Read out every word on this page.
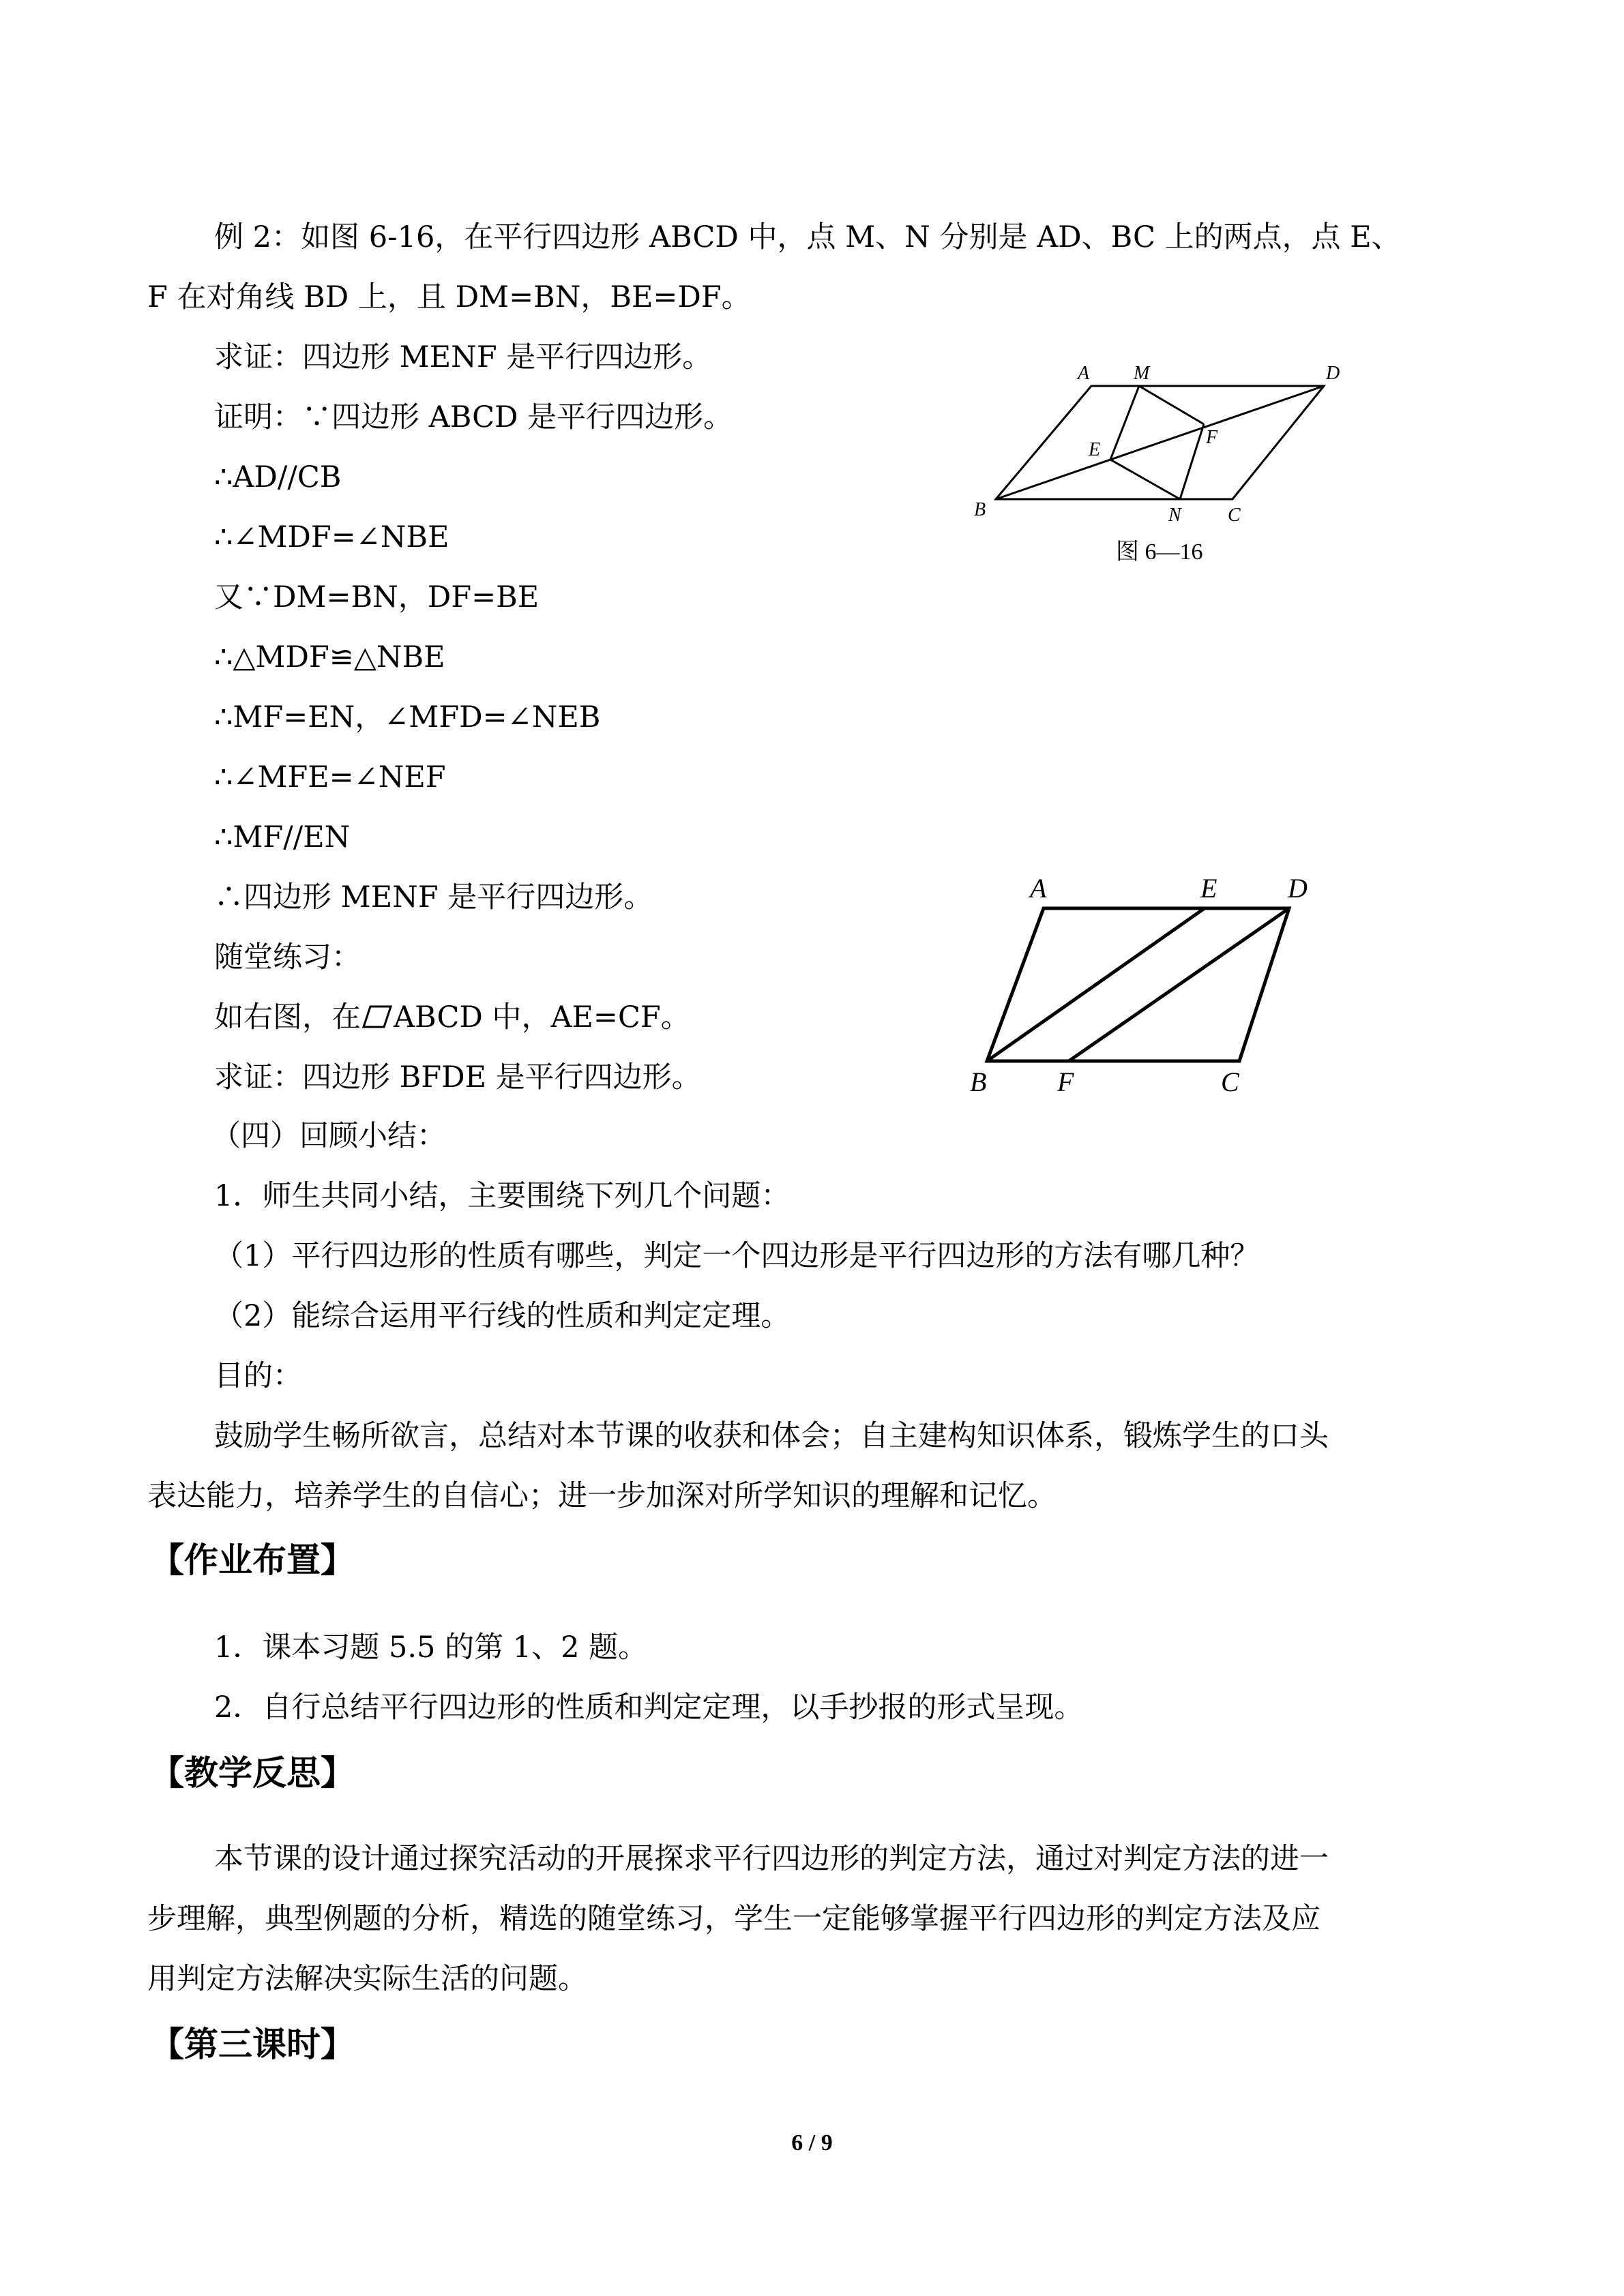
例 2：如图 6-16，在平行四边形 ABCD 中，点 M、N 分别是 AD、BC 上的两点，点 E、
F 在对角线 BD 上，且 DM=BN，BE=DF。
求证：四边形 MENF 是平行四边形。
证明：∵四边形 ABCD 是平行四边形。
∴AD//CB
∴∠MDF=∠NBE
又∵DM=BN，DF=BE
∴△MDF≌△NBE
∴MF=EN，∠MFD=∠NEB
∴∠MFE=∠NEF
∴MF//EN
∴四边形 MENF 是平行四边形。
A M	D
F
E
B	N C
图 6—16
随堂练习：
如右图，在 ABCD 中，AE=CF。
求证：四边形 BFDE 是平行四边形。
A	E	D
B	F	C
（四）回顾小结：
1．师生共同小结，主要围绕下列几个问题：
（1）平行四边形的性质有哪些，判定一个四边形是平行四边形的方法有哪几种？
（2）能综合运用平行线的性质和判定定理。
目的：
鼓励学生畅所欲言，总结对本节课的收获和体会；自主建构知识体系，锻炼学生的口头
表达能力，培养学生的自信心；进一步加深对所学知识的理解和记忆。
【作业布置】
1．课本习题 5.5 的第 1、2 题。
2．自行总结平行四边形的性质和判定定理，以手抄报的形式呈现。
【教学反思】
本节课的设计通过探究活动的开展探求平行四边形的判定方法，通过对判定方法的进一
步理解，典型例题的分析，精选的随堂练习，学生一定能够掌握平行四边形的判定方法及应
用判定方法解决实际生活的问题。
【第三课时】
6 / 9
